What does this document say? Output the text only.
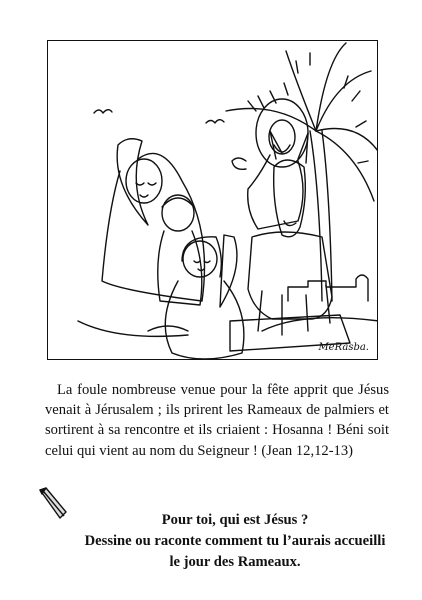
MeRasba.
La foule nombreuse venue pour la fête apprit que Jésus venait à Jérusalem ; ils prirent les Rameaux de palmiers et sortirent à sa rencontre et ils criaient : Hosanna ! Béni soit celui qui vient au nom du Seigneur ! (Jean 12,12-13)
Pour toi, qui est Jésus ?
Dessine ou raconte comment tu l’aurais accueilli
le jour des Rameaux.
